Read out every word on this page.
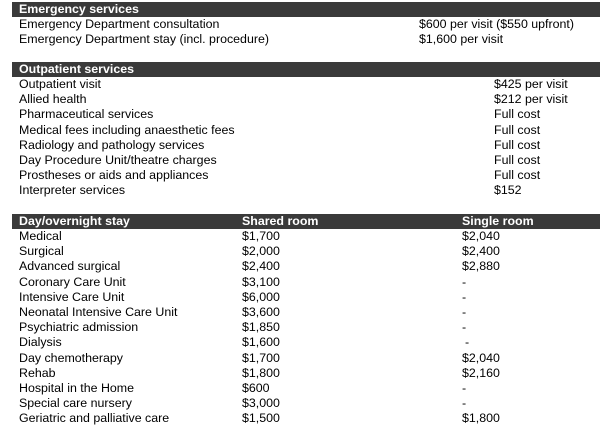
Emergency services
Emergency Department consultation	$600 per visit ($550 upfront)
Emergency Department stay (incl. procedure)	$1,600 per visit
Outpatient services
Outpatient visit	$425 per visit
Allied health	$212 per visit
Pharmaceutical services	Full cost
Medical fees including anaesthetic fees	Full cost
Radiology and pathology services	Full cost
Day Procedure Unit/theatre charges	Full cost
Prostheses or aids and appliances	Full cost
Interpreter services	$152
Day/overnight stay	Shared room	Single room
Medical	$1,700	$2,040
Surgical	$2,000	$2,400
Advanced surgical	$2,400	$2,880
Coronary Care Unit	$3,100	-
Intensive Care Unit	$6,000	-
Neonatal Intensive Care Unit	$3,600	-
Psychiatric admission	$1,850	-
Dialysis	$1,600	-
Day chemotherapy	$1,700	$2,040
Rehab	$1,800	$2,160
Hospital in the Home	$600	-
Special care nursery	$3,000	-
Geriatric and palliative care	$1,500	$1,800
